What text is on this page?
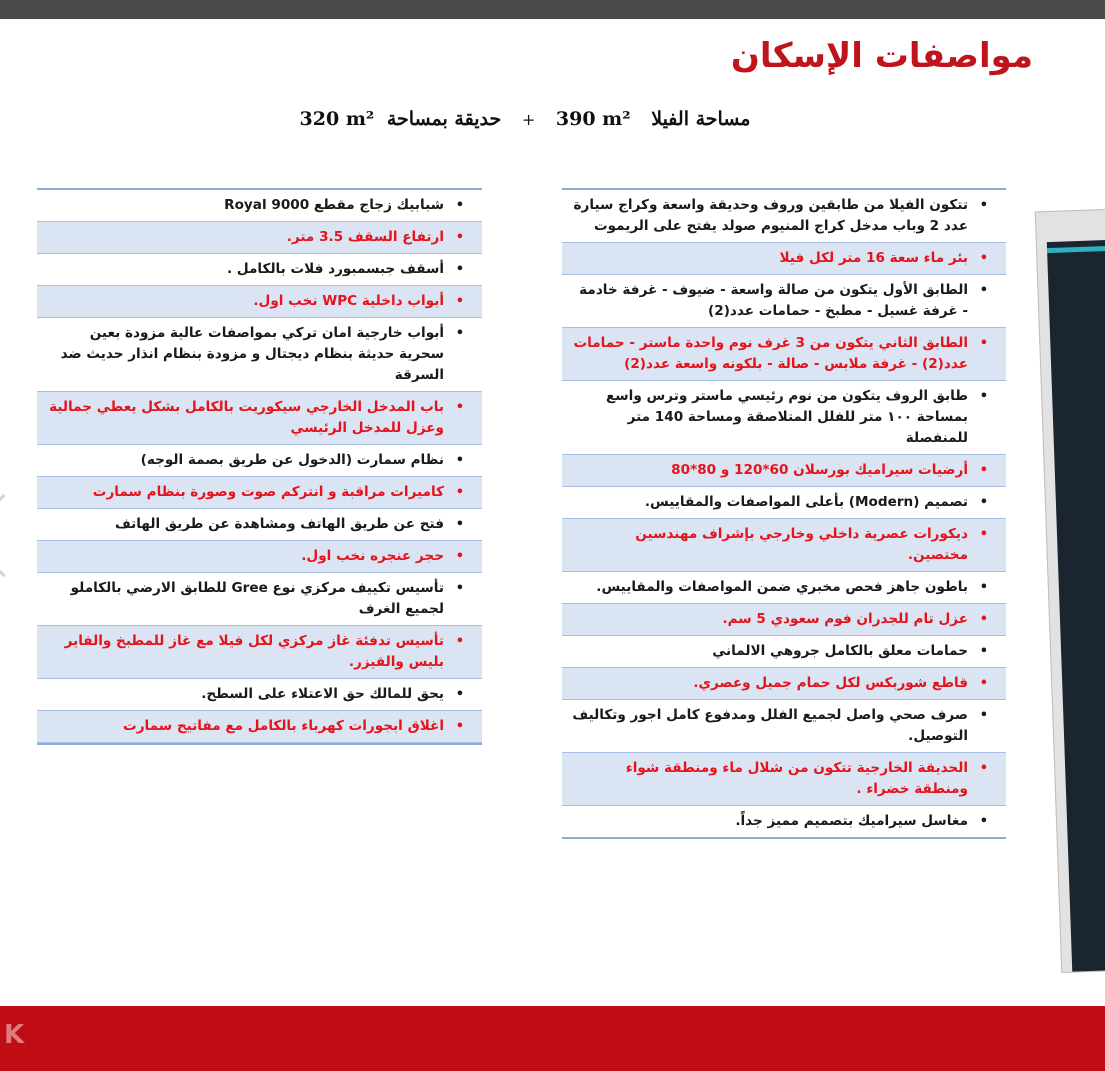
مواصفات الإسكان
320 m² حديقة بمساحة + 390 m² مساحة الفيلا
• تتكون الفيلا من طابقين وروف وحديقة واسعة وكراج سيارة عدد 2 وباب مدخل كراج المنيوم صولد يفتح على الريموت
• بئر ماء سعة 16 متر لكل فيلا
• الطابق الأول يتكون من صالة واسعة - ضيوف - غرفة خادمة - غرفة غسيل - مطبخ - حمامات عدد(2)
• الطابق الثاني يتكون من 3 غرف نوم واحدة ماستر - حمامات عدد(2) - غرفة ملابس - صالة - بلكونه واسعة عدد(2)
• طابق الروف يتكون من نوم رئيسي ماستر وترس واسع بمساحة ١٠٠ متر للفلل المتلاصقة ومساحة 140 متر للمنفصلة
• أرضيات سيراميك بورسلان 60*120 و 80*80
• تصميم (Modern) بأعلى المواصفات والمقاييس.
• ديكورات عصرية داخلي وخارجي بإشراف مهندسين مختصين.
• باطون جاهز فحص مخبري ضمن المواصفات والمقاييس.
• عزل تام للجدران فوم سعودي 5 سم.
• حمامات معلق بالكامل جروهي الالماني
• قاطع شوربكس لكل حمام جميل وعصري.
• صرف صحي واصل لجميع الفلل ومدفوع كامل اجور وتكاليف التوصيل.
• الحديقة الخارجية تتكون من شلال ماء ومنطقة شواء ومنطقة خضراء .
• مغاسل سيراميك بتصميم مميز جداً.
• شبابيك زجاج مقطع Royal 9000
• ارتفاع السقف 3.5 متر.
• أسقف جبسمبورد فلات بالكامل .
• أبواب داخلية WPC نخب اول.
• أبواب خارجية امان تركي بمواصفات عالية مزودة بعين سحرية حديثة بنظام ديجتال و مزودة بنظام انذار حديث ضد السرقة
• باب المدخل الخارجي سيكوريت بالكامل بشكل يعطي جمالية وعزل للمدخل الرئيسي
• نظام سمارت (الدخول عن طريق بصمة الوجه)
• كاميرات مراقبة و انتركم صوت وصورة بنظام سمارت
• فتح عن طريق الهاتف ومشاهدة عن طريق الهاتف
• حجر عنجره نخب اول.
• تأسيس تكييف مركزي نوع Gree للطابق الارضي بالكاملو لجميع الغرف
• تأسيس تدفئة غاز مركزي لكل فيلا مع غاز للمطبخ والفاير بليس والقيزر.
• يحق للمالك حق الاعتلاء على السطح.
• اغلاق ابجورات كهرباء بالكامل مع مفاتيح سمارت
K
